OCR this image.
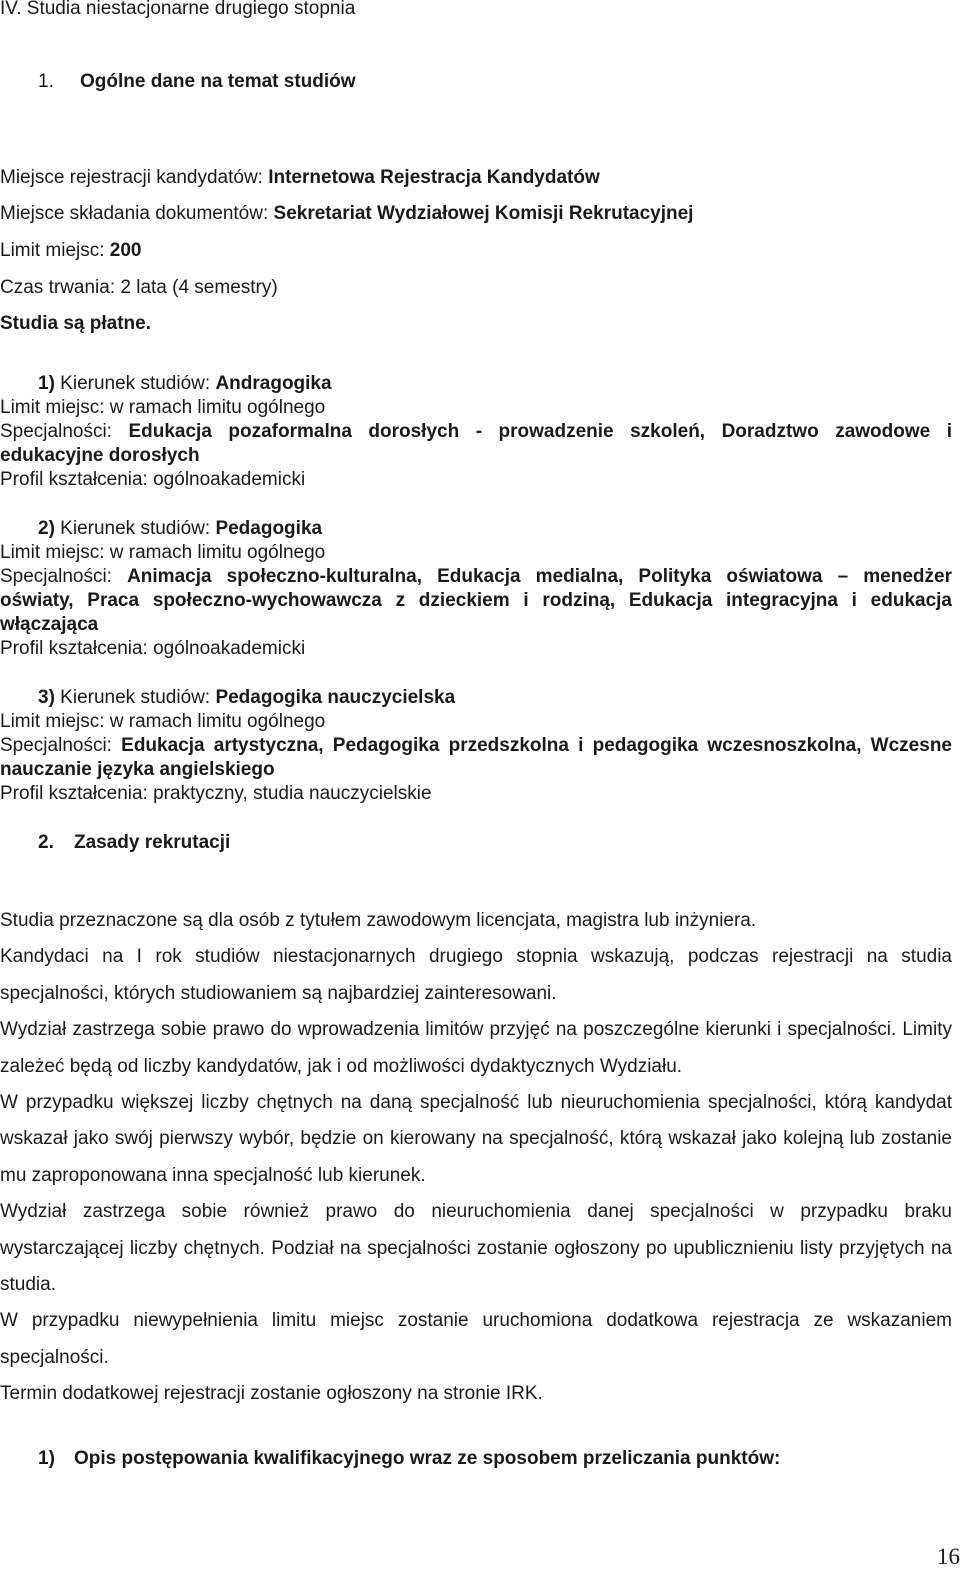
IV. Studia niestacjonarne drugiego stopnia
1. Ogólne dane na temat studiów
Miejsce rejestracji kandydatów: Internetowa Rejestracja Kandydatów
Miejsce składania dokumentów: Sekretariat Wydziałowej Komisji Rekrutacyjnej
Limit miejsc: 200
Czas trwania: 2 lata (4 semestry)
Studia są płatne.
1) Kierunek studiów: Andragogika
Limit miejsc: w ramach limitu ogólnego
Specjalności: Edukacja pozaformalna dorosłych - prowadzenie szkoleń, Doradztwo zawodowe i edukacyjne dorosłych
Profil kształcenia: ogólnoakademicki
2) Kierunek studiów: Pedagogika
Limit miejsc: w ramach limitu ogólnego
Specjalności: Animacja społeczno-kulturalna, Edukacja medialna, Polityka oświatowa – menedżer oświaty, Praca społeczno-wychowawcza z dzieckiem i rodziną, Edukacja integracyjna i edukacja włączająca
Profil kształcenia: ogólnoakademicki
3) Kierunek studiów: Pedagogika nauczycielska
Limit miejsc: w ramach limitu ogólnego
Specjalności: Edukacja artystyczna, Pedagogika przedszkolna i pedagogika wczesnoszkolna, Wczesne nauczanie języka angielskiego
Profil kształcenia: praktyczny, studia nauczycielskie
2. Zasady rekrutacji
Studia przeznaczone są dla osób z tytułem zawodowym licencjata, magistra lub inżyniera.
Kandydaci na I rok studiów niestacjonarnych drugiego stopnia wskazują, podczas rejestracji na studia specjalności, których studiowaniem są najbardziej zainteresowani.
Wydział zastrzega sobie prawo do wprowadzenia limitów przyjęć na poszczególne kierunki i specjalności. Limity zależeć będą od liczby kandydatów, jak i od możliwości dydaktycznych Wydziału.
W przypadku większej liczby chętnych na daną specjalność lub nieuruchomienia specjalności, którą kandydat wskazał jako swój pierwszy wybór, będzie on kierowany na specjalność, którą wskazał jako kolejną lub zostanie mu zaproponowana inna specjalność lub kierunek.
Wydział zastrzega sobie również prawo do nieuruchomienia danej specjalności w przypadku braku wystarczającej liczby chętnych. Podział na specjalności zostanie ogłoszony po upublicznieniu listy przyjętych na studia.
W przypadku niewypełnienia limitu miejsc zostanie uruchomiona dodatkowa rejestracja ze wskazaniem specjalności.
Termin dodatkowej rejestracji zostanie ogłoszony na stronie IRK.
1) Opis postępowania kwalifikacyjnego wraz ze sposobem przeliczania punktów:
16
